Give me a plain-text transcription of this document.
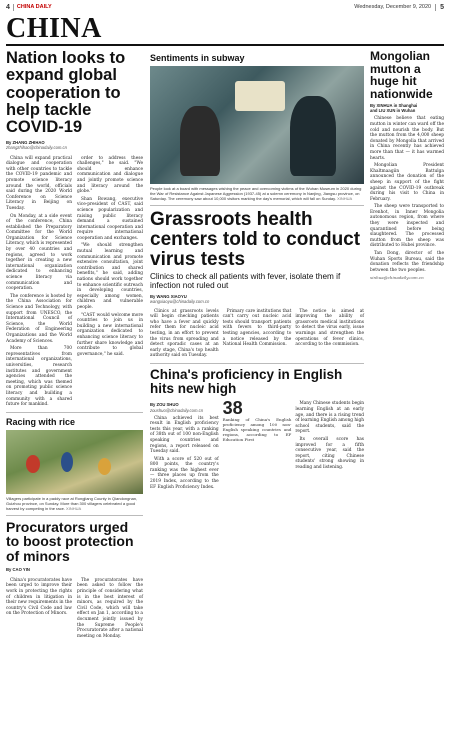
4 CHINA DAILY	Wednesday, December 9, 2020 5
CHINA
Nation looks to expand global cooperation to help tackle COVID-19
By ZHANG ZHIHAO
zhangzhihao@chinadaily.com.cn

China will expand practical dialogue and cooperation with other countries to tackle the COVID-19 pandemic and promote science literacy around the world, officials said during the 2020 World Conference on Science Literacy in Beijing on Tuesday.

On Monday, at a side event of the conference, China established the Preparatory Committee for the World Organization for Science Literacy, which is represented by over 40 countries and regions, agreed to work together in creating a new international organization dedicated to enhancing science literacy via communication and cooperation.

The conference is hosted by the China Association for Science and Technology, with support from UNESCO, the International Council of Science, the World Federation of Engineering Organizations and the World Academy of Sciences.

More than 700 representatives from international organizations, universities, research institutes and government agencies attended the meeting, which was themed on promoting public science literacy and building a community with a shared future for mankind.

order to address these challenges," he said. "We should enhance communication and dialogue and jointly promote science and literacy around the globe."

Shan Bowang, executive vice-president of CAST, said science popularization and raising public literacy demand a sustained international cooperation and require international cooperation and exchanges.

"We should strengthen mutual learning and communication and promote extensive consultation, joint contribution and shared benefits," he said, adding nations should work together to enhance scientific outreach in developing countries, especially among women, children and vulnerable people.

"CAST would welcome more countries to join us in building a new international organization dedicated to enhancing science literacy to further share knowledge and contribute to global governance," he said.

Racing with rice
Villagers participate in a paddy race at Rongjiang County in Qiandongnan, Guizhou province, on Sunday. More than 300 villagers celebrated a good harvest by competing in the race. XINHUA
Procurators urged to boost protection of minors
By CAO YIN

China's procuratorates have been urged to improve their work in protecting the rights of children in litigation in their new requirements in the country's Civil Code and law on the Protection of Minors.

The procuratorates have been asked to follow the principle of considering what is in the best interest of minors, as required by the Civil Code, which will take effect on Jan 1, according to a document jointly issued by the Supreme People's Procuratorate after a national meeting on Monday.

Sentiments in subway
People look at a board with messages wishing the peace and overcoming victims of the Wuhan Museum in 2020 during the War of Resistance Against Japanese Aggression (1937-45) at a solemn ceremony in Nanjing, Jiangsu province, on Saturday. The ceremony saw about 10,000 visitors marking the day's memorial, which will fall on Sunday. XINHUA
Grassroots health centers told to conduct virus tests
Clinics to check all patients with fever, isolate them if infection not ruled out
By WANG XIAOYU
wangxiaoyu@chinadaily.com.cn

Clinics at grassroots levels will begin checking patients who have a fever and quickly refer them for nucleic acid testing, in an effort to prevent the virus from spreading and detect sporadic cases at an early stage, China's top health authority said on Tuesday.

Primary care institutions that can't carry out nucleic acid tests should transport patients with fevers to third-party testing agencies, according to a notice released by the National Health Commission.

The notice is aimed at improving the ability of grassroots medical institutions to detect the virus early, issue warnings and strengthen the operations of fever clinics, according to the commission.

China's proficiency in English hits new high
By ZOU SHUO
zoushuo@chinadaily.com.cn

China achieved its best result in English proficiency tests this year, with a ranking of 38th out of 100 non-English speaking countries and regions, a report released on Tuesday said.

With a score of 520 out of 800 points, the country's ranking was the highest ever — three places up from the 2019 Index, according to the EF English Proficiency Index.

38
Ranking of China's English proficiency among 100 non-English speaking countries and regions, according to EF Education First

Many Chinese students begin learning English at an early age, and there is a rising trend of learning English among high school students, said the report.

Its overall score has improved for a fifth consecutive year, said the report, citing Chinese students' strong showing in reading and listening.

Mongolian mutton a huge hit nationwide
By XINHUA in Shanghai
and LIU XUN in Wuhan

Chinese believe that eating mutton in winter can ward off the cold and nourish the body. But the mutton from the 4,000 sheep donated by Mongolia that arrived in China recently has achieved more than that — it has warmed hearts.

Mongolian President Khaltmaagiin Battulga announced the donation of the sheep in support of the fight against the COVID-19 outbreak during his visit to China in February.

The sheep were transported to Erenhot, in Inner Mongolia autonomous region, from where they were inspected and quarantined before being slaughtered. The processed mutton from the sheep was distributed to Hubei province.

Tan Dong, director of the Wuhan Sports Bureau, said the donation reflects the friendship between the two peoples.

xinhua@chinadaily.com.cn
